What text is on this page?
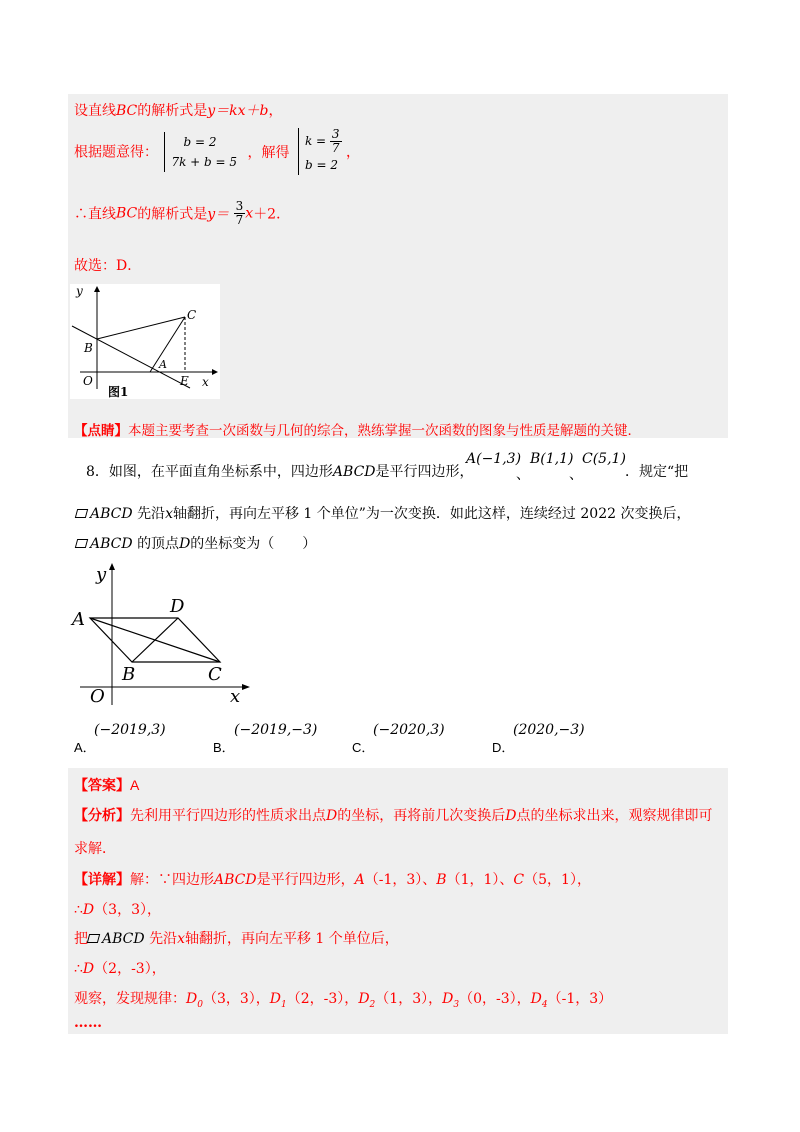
设直线BC的解析式是y＝kx＋b，
根据题意得：
b = 2
7k + b = 5
，解得
$k = \frac{3}{7}$
b = 2
，
∴直线BC的解析式是$y= \frac{3}{7} x+2$．
故选：D．
y
x
C
B
A
O	E
图1
【点睛】本题主要考查一次函数与几何的综合，熟练掌握一次函数的图象与性质是解题的关键．
8．如图，在平面直角坐标系中，四边形ABCD是平行四边形，
A(−1,3)
、
B(1,1)
、
C(5,1)
．规定“把
ABCD 先沿x轴翻折，再向左平移 1 个单位”为一次变换．如此这样，连续经过 2022 次变换后，
ABCD 的顶点D的坐标变为（　　）
y
x
A
D
B	C
O
A．
(−2019,3)
B．
(−2019,−3)
C．
(−2020,3)
D．
(2020,−3)
【答案】A
【分析】先利用平行四边形的性质求出点D的坐标，再将前几次变换后D点的坐标求出来，观察规律即可
求解．
【详解】解：∵四边形ABCD是平行四边形，A（-1，3）、B（1，1）、C（5，1），
∴D（3，3），
把 ABCD 先沿x轴翻折，再向左平移 1 个单位后，
∴D（2，-3），
观察，发现规律：$D_0(3$，3），$D_1(2$，-3），$D_2(1$，3），$D_3(0$，-3），$D_4(-1$，3）
……
